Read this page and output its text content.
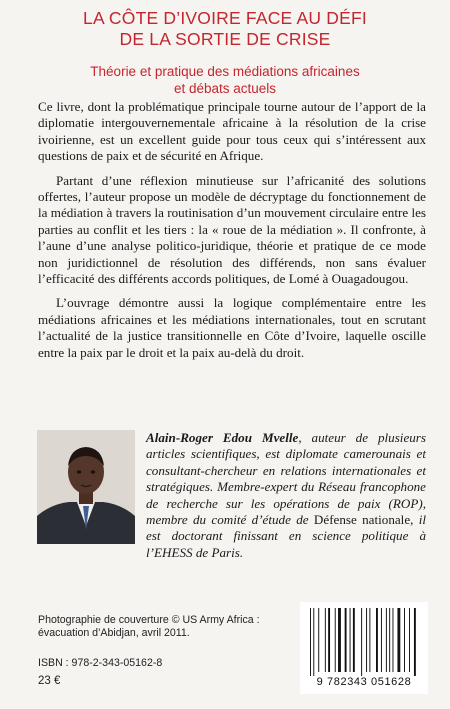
LA CÔTE D’IVOIRE FACE AU DÉFI
DE LA SORTIE DE CRISE
Théorie et pratique des médiations africaines
et débats actuels

Ce livre, dont la problématique principale tourne autour de l’apport de la diplomatie intergouvernementale africaine à la résolution de la crise ivoirienne, est un excellent guide pour tous ceux qui s’intéressent aux questions de paix et de sécurité en Afrique.

Partant d’une réflexion minutieuse sur l’africanité des solutions offertes, l’auteur propose un modèle de décryptage du fonctionnement de la médiation à travers la routinisation d’un mouvement circulaire entre les parties au conflit et les tiers : la « roue de la médiation ». Il confronte, à l’aune d’une analyse politico-juridique, théorie et pratique de ce mode non juridictionnel de résolution des différends, non sans évaluer l’efficacité des différents accords politiques, de Lomé à Ouagadougou.

L’ouvrage démontre aussi la logique complémentaire entre les médiations africaines et les médiations internationales, tout en scrutant l’actualité de la justice transitionnelle en Côte d’Ivoire, laquelle oscille entre la paix par le droit et la paix au-delà du droit.

Alain-Roger Edou Mvelle, auteur de plusieurs articles scientifiques, est diplomate camerounais et consultant-chercheur en relations internationales et stratégiques. Membre-expert du Réseau francophone de recherche sur les opérations de paix (ROP), membre du comité d’étude de Défense nationale, il est doctorant finissant en science politique à l’EHESS de Paris.
Photographie de couverture © US Army Africa :
évacuation d’Abidjan, avril 2011.
ISBN : 978-2-343-05162-8
23 €	9 782343 051628
